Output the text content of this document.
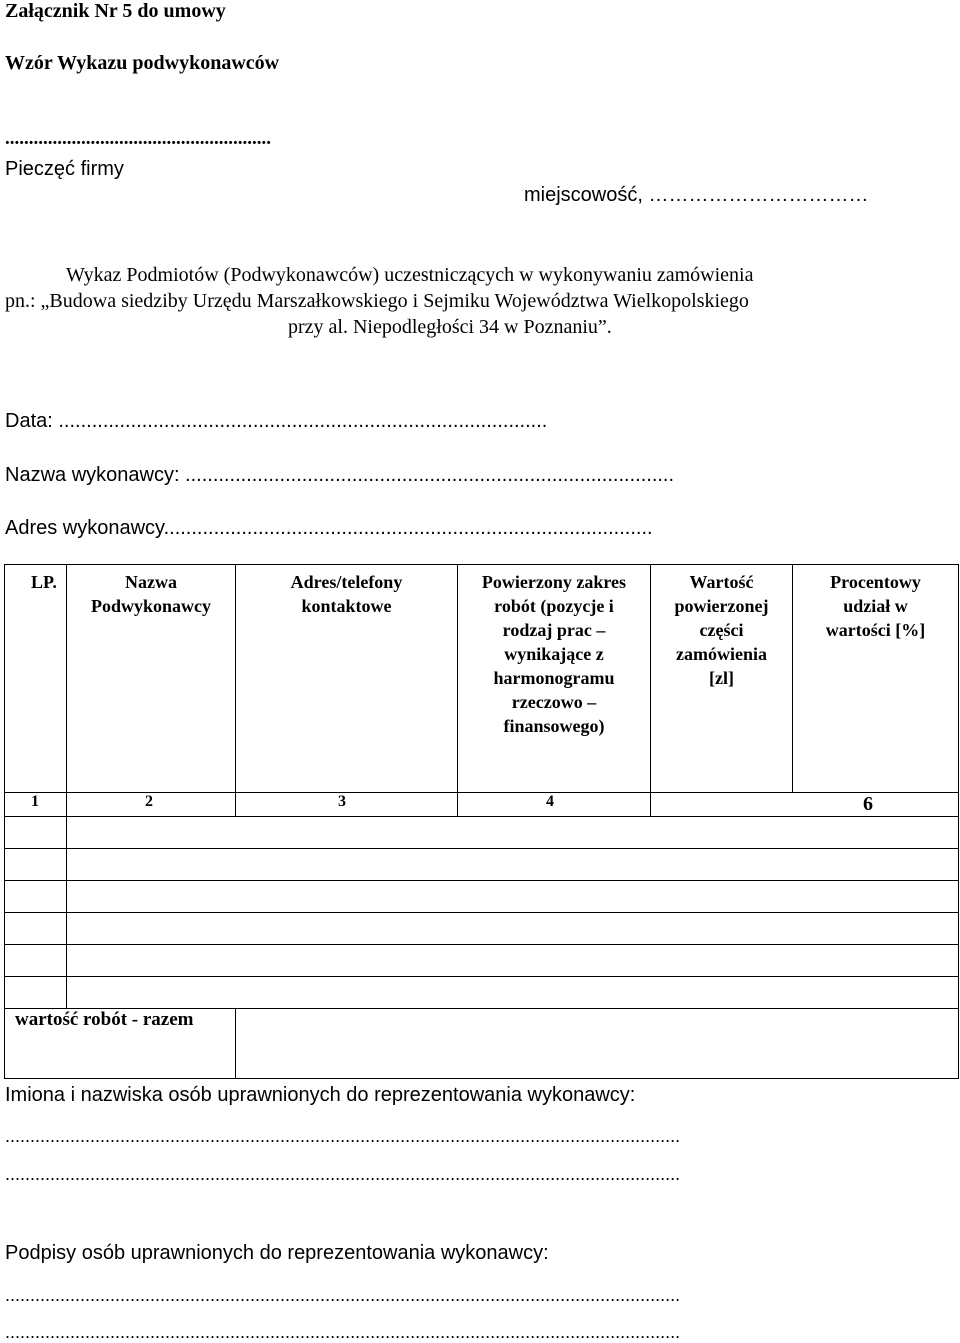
Załącznik Nr 5 do umowy
Wzór Wykazu podwykonawców
........................................................
Pieczęć firmy
miejscowość, ……………………………
Wykaz Podmiotów (Podwykonawców) uczestniczących w wykonywaniu zamówienia
pn.: „Budowa siedziby Urzędu Marszałkowskiego i Sejmiku Województwa Wielkopolskiego
przy al. Niepodległości 34 w Poznaniu”.
Data: ........................................................................................
Nazwa wykonawcy: ........................................................................................
Adres wykonawcy........................................................................................
LP.	Nazwa Podwykonawcy	Adres/telefony kontaktowe	Powierzony zakres robót (pozycje i rodzaj prac – wynikające z harmonogramu rzeczowo – finansowego)	Wartość powierzonej części zamówienia [zl]	Procentowy udział w wartości [%]

1	2	3	4	6	

wartość robót - razem					
Imiona i nazwiska osób uprawnionych do reprezentowania wykonawcy:
.......................................................................................................................................
.......................................................................................................................................
Podpisy osób uprawnionych do reprezentowania wykonawcy:
.......................................................................................................................................
.......................................................................................................................................
